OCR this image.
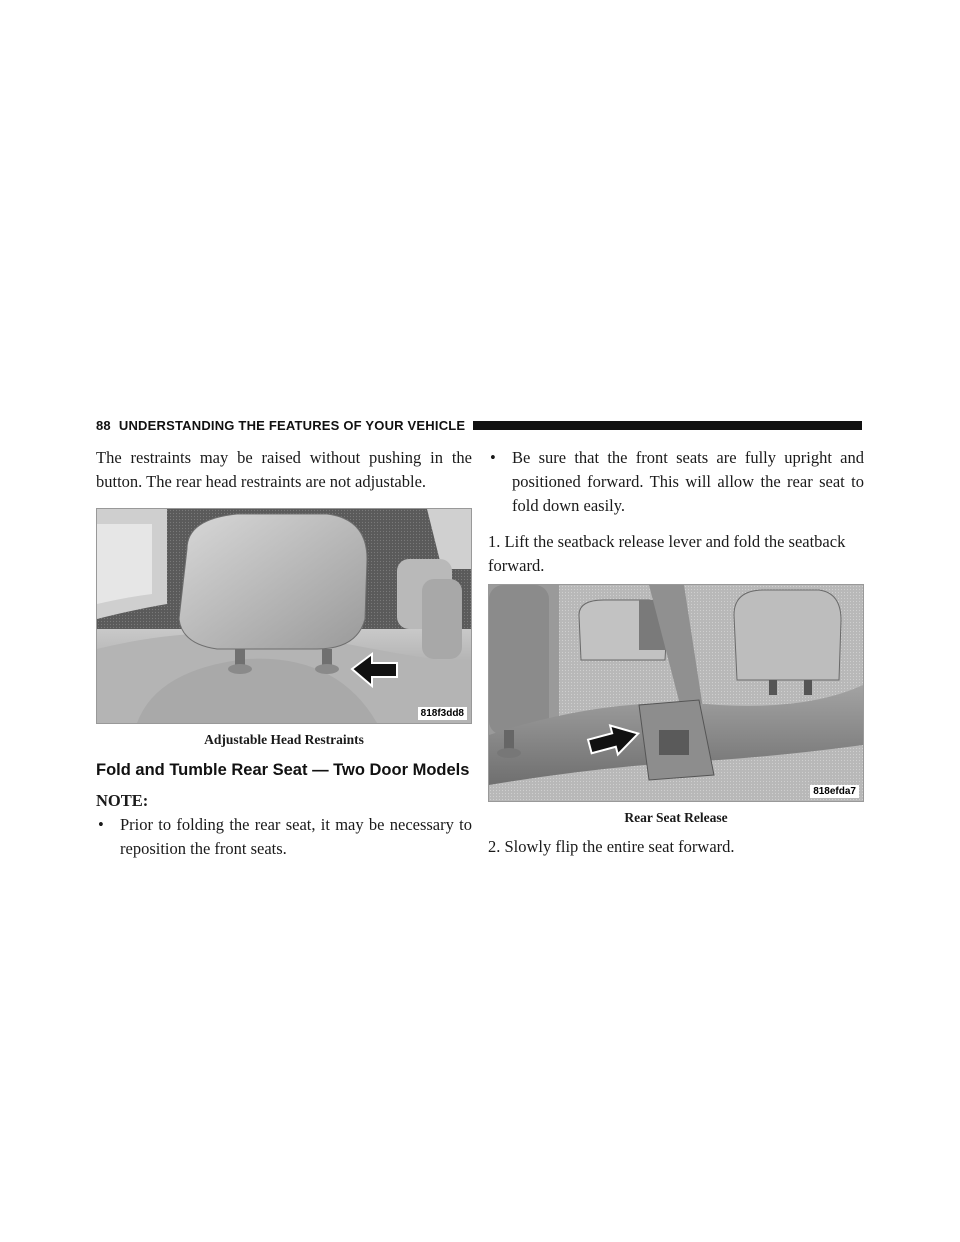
88 UNDERSTANDING THE FEATURES OF YOUR VEHICLE

The restraints may be raised without pushing in the button. The rear head restraints are not adjustable.

818f3dd8
Adjustable Head Restraints
Fold and Tumble Rear Seat — Two Door Models
NOTE:
• Prior to folding the rear seat, it may be necessary to reposition the front seats.
• Be sure that the front seats are fully upright and positioned forward. This will allow the rear seat to fold down easily.

1. Lift the seatback release lever and fold the seatback forward.

818efda7
Rear Seat Release

2. Slowly flip the entire seat forward.
